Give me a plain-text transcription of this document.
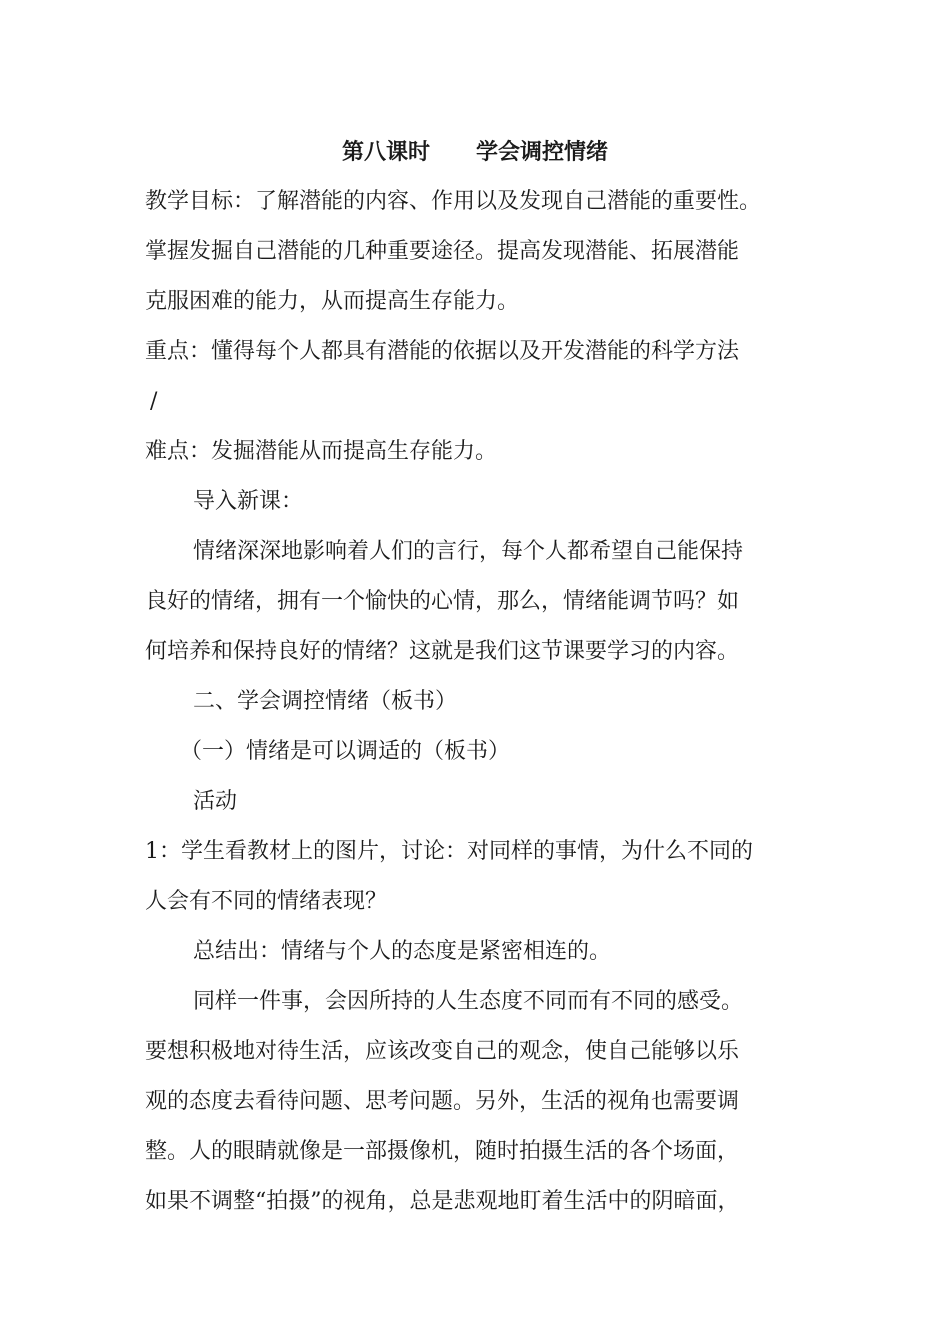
第八课时      学会调控情绪
教学目标：了解潜能的内容、作用以及发现自己潜能的重要性。
掌握发掘自己潜能的几种重要途径。提高发现潜能、拓展潜能
克服困难的能力，从而提高生存能力。
重点：懂得每个人都具有潜能的依据以及开发潜能的科学方法
/
难点：发掘潜能从而提高生存能力。
导入新课：
情绪深深地影响着人们的言行，每个人都希望自己能保持
良好的情绪，拥有一个愉快的心情，那么，情绪能调节吗？如
何培养和保持良好的情绪？这就是我们这节课要学习的内容。
二、学会调控情绪（板书）
（一）情绪是可以调适的（板书）
活动
1：学生看教材上的图片，讨论：对同样的事情，为什么不同的
人会有不同的情绪表现？
总结出：情绪与个人的态度是紧密相连的。
同样一件事，会因所持的人生态度不同而有不同的感受。
要想积极地对待生活，应该改变自己的观念，使自己能够以乐
观的态度去看待问题、思考问题。另外，生活的视角也需要调
整。人的眼睛就像是一部摄像机，随时拍摄生活的各个场面，
如果不调整“拍摄”的视角，总是悲观地盯着生活中的阴暗面，
